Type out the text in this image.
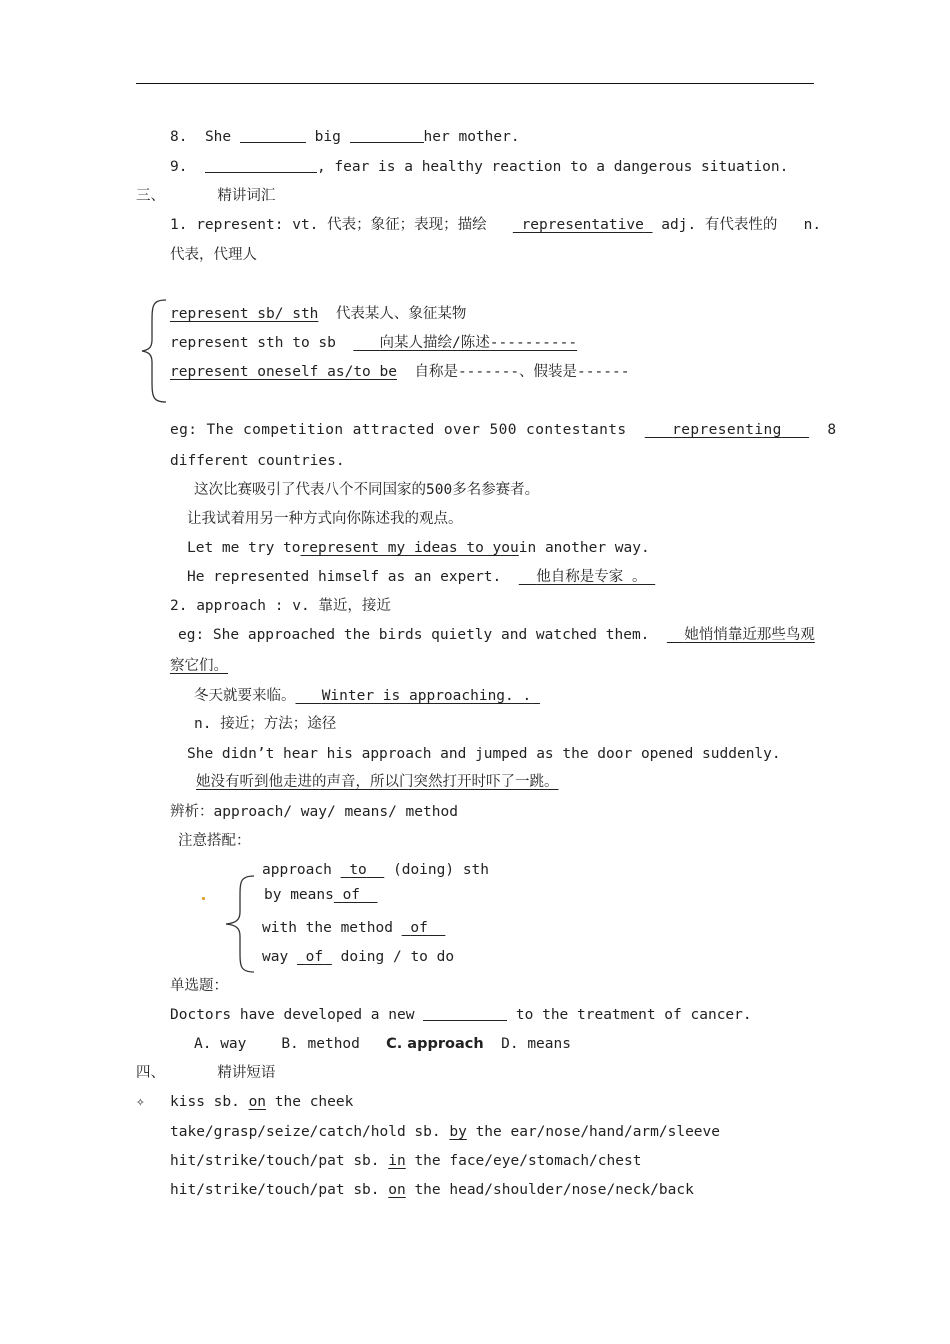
8. She	big	her mother.
9.	, fear is a healthy reaction to a dangerous situation.
三、	精讲词汇
1. represent: vt. 代表；象征；表现；描绘 representative adj. 有代表性的 n.
代表，代理人
represent sb/ sth 代表某人、象征某物
represent sth to sb	向某人描绘/陈述----------
represent oneself as/to be 自称是-------、假装是------
eg: The competition attracted over 500 contestants	representing	8
different countries.
这次比赛吸引了代表八个不同国家的500多名参赛者。
让我试着用另一种方式向你陈述我的观点。
Let me try torepresent my ideas to youin another way.
He represented himself as an expert. 他自称是专家 。
2. approach : v. 靠近，接近
eg: She approached the birds quietly and watched them. 她悄悄靠近那些鸟观
察它们。
冬天就要来临。 Winter is approaching. .
n. 接近；方法；途径
She didn’t hear his approach and jumped as the door opened suddenly.
她没有听到他走进的声音，所以门突然打开时吓了一跳。
辨析：approach/ way/ means/ method
注意搭配：
approach to (doing) sth
by means of
with the method of
way of doing / to do
单选题：
Doctors have developed a new	to the treatment of cancer.
A. way B. method C. approach D. means
四、	精讲短语
✧ kiss sb. on the cheek
take/grasp/seize/catch/hold sb. by the ear/nose/hand/arm/sleeve
hit/strike/touch/pat sb. in the face/eye/stomach/chest
hit/strike/touch/pat sb. on the head/shoulder/nose/neck/back
